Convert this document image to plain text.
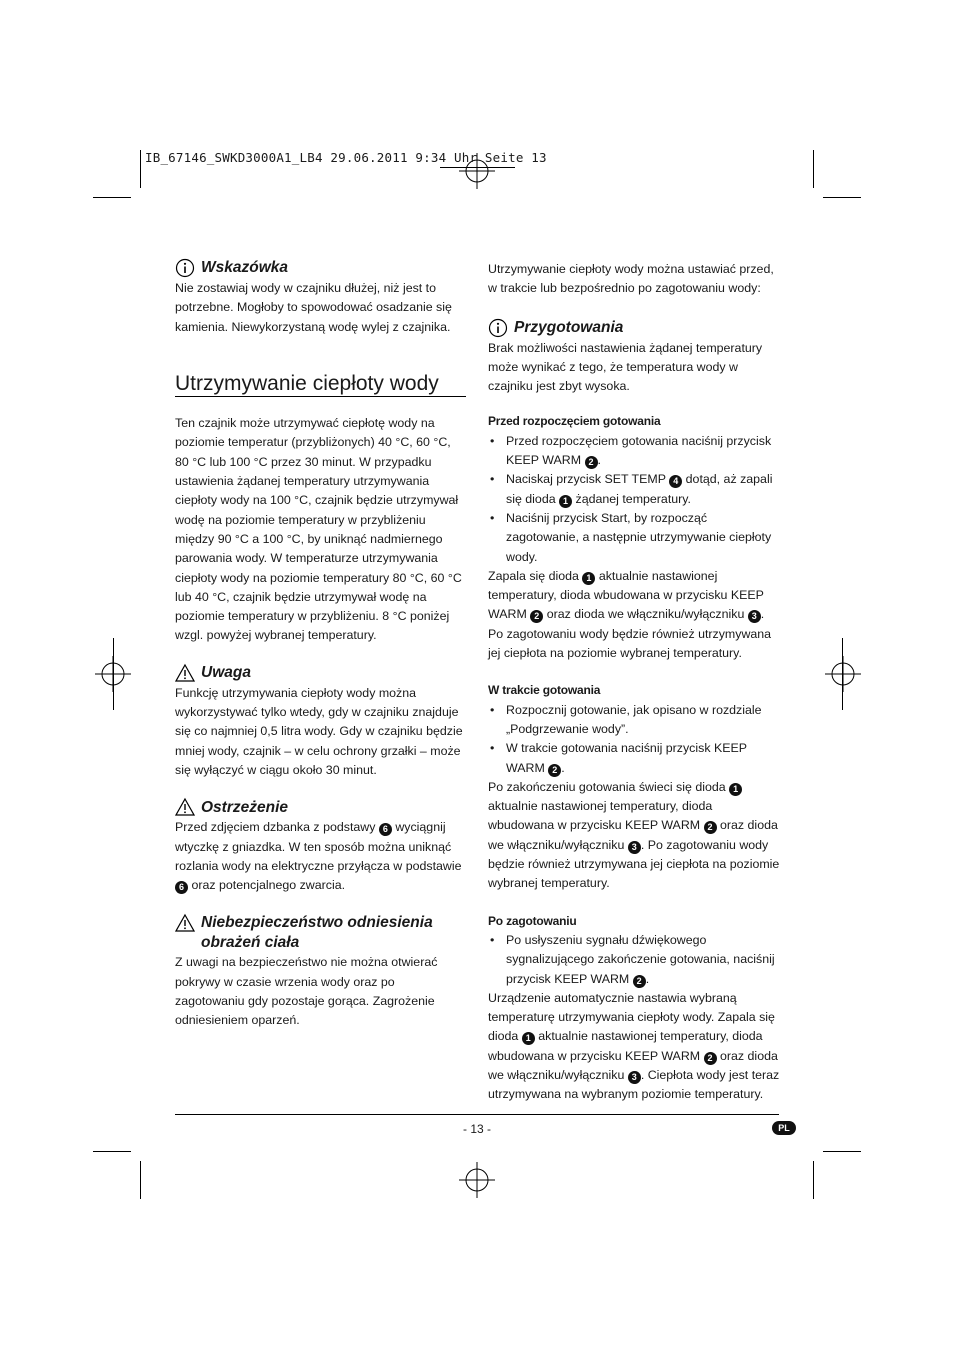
IB_67146_SWKD3000A1_LB4 29.06.2011 9:34 Uhr Seite 13
Wskazówka

Nie zostawiaj wody w czajniku dłużej, niż jest to potrzebne. Mogłoby to spowodować osadzanie się kamienia. Niewykorzystaną wodę wylej z czajnika.

Utrzymywanie ciepłoty wody

Ten czajnik może utrzymywać ciepłotę wody na poziomie temperatur (przybliżonych) 40 °C, 60 °C, 80 °C lub 100 °C przez 30 minut. W przypadku ustawienia żądanej temperatury utrzymywania ciepłoty wody na 100 °C, czajnik będzie utrzymywał wodę na poziomie temperatury w przybliżeniu między 90 °C a 100 °C, by uniknąć nadmiernego parowania wody. W temperaturze utrzymywania ciepłoty wody na poziomie temperatury 80 °C, 60 °C lub 40 °C, czajnik będzie utrzymywał wodę na poziomie temperatury w przybliżeniu. 8 °C poniżej wzgl. powyżej wybranej temperatury.

Uwaga

Funkcję utrzymywania ciepłoty wody można wykorzystywać tylko wtedy, gdy w czajniku znajduje się co najmniej 0,5 litra wody. Gdy w czajniku będzie mniej wody, czajnik – w celu ochrony grzałki – może się wyłączyć w ciągu około 30 minut.

Ostrzeżenie

Przed zdjęciem dzbanka z podstawy 6 wyciągnij wtyczkę z gniazdka. W ten sposób można uniknąć rozlania wody na elektryczne przyłącza w podstawie 6 oraz potencjalnego zwarcia.

Niebezpieczeństwo odniesienia
obrażeń ciała

Z uwagi na bezpieczeństwo nie można otwierać pokrywy w czasie wrzenia wody oraz po zagotowaniu gdy pozostaje gorąca. Zagrożenie odniesieniem oparzeń.

Utrzymywanie ciepłoty wody można ustawiać przed, w trakcie lub bezpośrednio po zagotowaniu wody:

Przygotowania

Brak możliwości nastawienia żądanej temperatury może wynikać z tego, że temperatura wody w czajniku jest zbyt wysoka.

Przed rozpoczęciem gotowania
• Przed rozpoczęciem gotowania naciśnij przycisk KEEP WARM 2 .
• Naciskaj przycisk SET TEMP 4 dotąd, aż zapali się dioda 1 żądanej temperatury.
• Naciśnij przycisk Start, by rozpocząć zagotowanie, a następnie utrzymywanie ciepłoty wody.

Zapala się dioda 1 aktualnie nastawionej temperatury, dioda wbudowana w przycisku KEEP WARM 2 oraz dioda we włączniku/wyłączniku 3 . Po zagotowaniu wody będzie również utrzymywana jej ciepłota na poziomie wybranej temperatury.

W trakcie gotowania
• Rozpocznij gotowanie, jak opisano w rozdziale „Podgrzewanie wody”.
• W trakcie gotowania naciśnij przycisk KEEP WARM 2 .

Po zakończeniu gotowania świeci się dioda 1 aktualnie nastawionej temperatury, dioda wbudowana w przycisku KEEP WARM 2 oraz dioda we włączniku/wyłączniku 3 . Po zagotowaniu wody będzie również utrzymywana jej ciepłota na poziomie wybranej temperatury.

Po zagotowaniu
• Po usłyszeniu sygnału dźwiękowego sygnalizującego zakończenie gotowania, naciśnij przycisk KEEP WARM 2 .

Urządzenie automatycznie nastawia wybraną temperaturę utrzymywania ciepłoty wody. Zapala się dioda 1 aktualnie nastawionej temperatury, dioda wbudowana w przycisku KEEP WARM 2 oraz dioda we włączniku/wyłączniku 3 . Ciepłota wody jest teraz utrzymywana na wybranym poziomie temperatury.

- 13 -	PL
